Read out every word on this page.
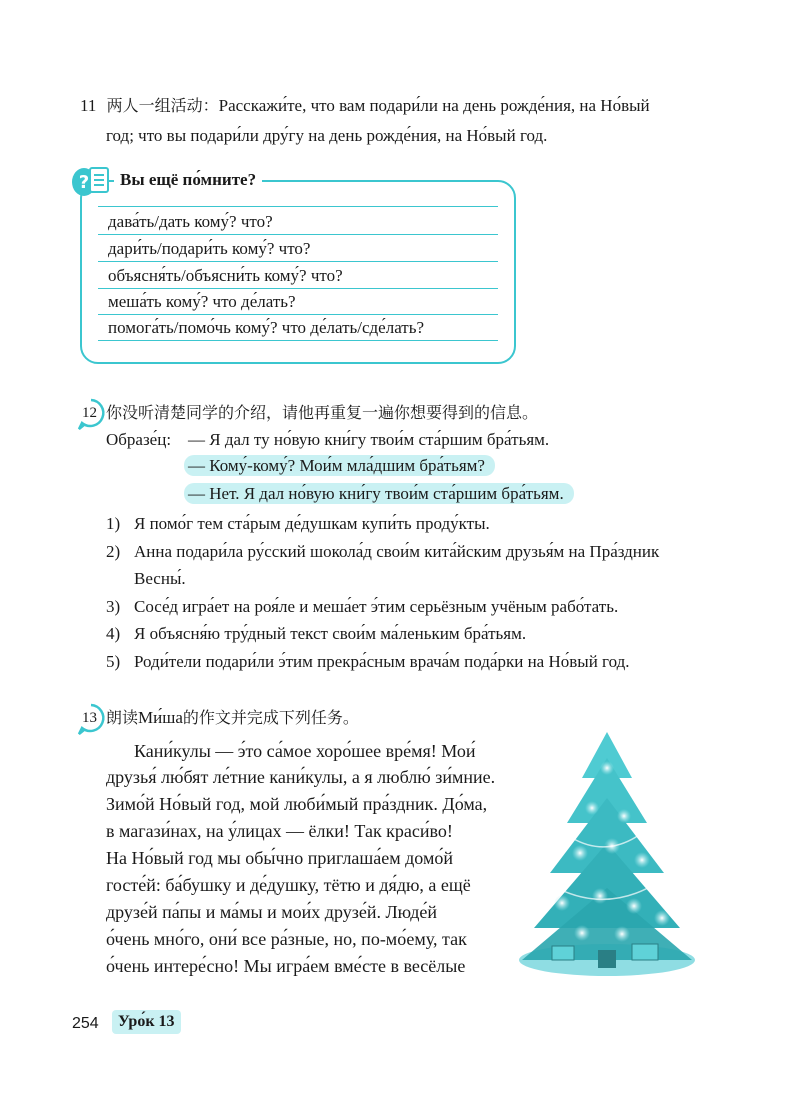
11 两人一组活动：Расскажи́те, что вам подари́ли на день рожде́ния, на Но́вый
год; что вы подари́ли дру́гу на день рожде́ния, на Но́вый год.
?	Вы ещё по́мните?
дава́ть/дать кому́? что?
дари́ть/подари́ть кому́? что?
объясня́ть/объясни́ть кому́? что?
меша́ть кому́? что де́лать?
помога́ть/помо́чь кому́? что де́лать/сде́лать?
12 你没听清楚同学的介绍，请他再重复一遍你想要得到的信息。
Образе́ц: — Я дал ту но́вую кни́гу твои́м ста́ршим бра́тьям.
— Кому́-кому́? Мои́м мла́дшим бра́тьям?
— Нет. Я дал но́вую кни́гу твои́м ста́ршим бра́тьям.
1) Я помо́г тем ста́рым де́душкам купи́ть проду́кты.
2) Анна подари́ла ру́сский шокола́д свои́м кита́йским друзья́м на Пра́здник
Весны́.
3) Сосе́д игра́ет на роя́ле и меша́ет э́тим серьёзным учёным рабо́тать.
4) Я объясня́ю тру́дный текст свои́м ма́леньким бра́тьям.
5) Роди́тели подари́ли э́тим прекра́сным врача́м пода́рки на Но́вый год.
13 朗读Ми́ша的作文并完成下列任务。
Кани́кулы — э́то са́мое хоро́шее вре́мя! Мои́
друзья́ лю́бят ле́тние кани́кулы, а я люблю́ зи́мние.
Зимо́й Но́вый год, мой люби́мый пра́здник. До́ма,
в магази́нах, на у́лицах — ёлки! Так краси́во!
На Но́вый год мы обы́чно приглаша́ем домо́й
госте́й: ба́бушку и де́душку, тётю и дя́дю, а ещё
друзе́й па́пы и ма́мы и мои́х друзе́й. Люде́й
о́чень мно́го, они́ все ра́зные, но, по-мо́ему, так
о́чень интере́сно! Мы игра́ем вме́сте в весёлые
254	Уро́к 13
